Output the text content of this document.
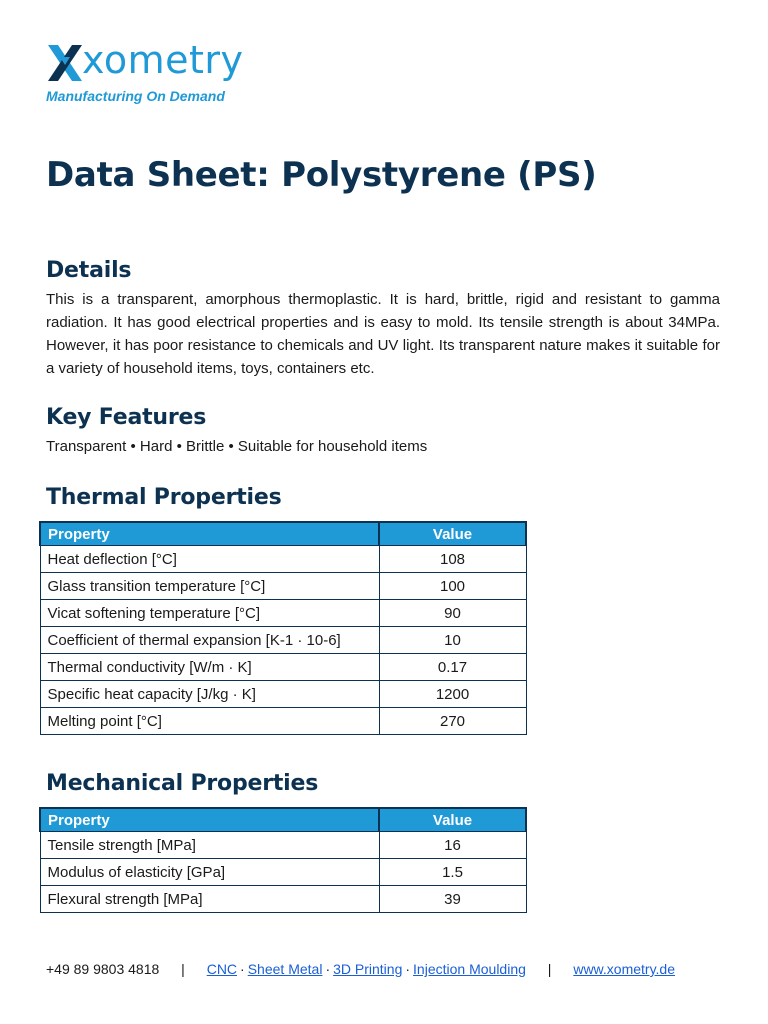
xometry
Manufacturing On Demand
Data Sheet: Polystyrene (PS)
Details

This is a transparent, amorphous thermoplastic. It is hard, brittle, rigid and resistant to gamma radiation. It has good electrical properties and is easy to mold. Its tensile strength is about 34MPa. However, it has poor resistance to chemicals and UV light. Its transparent nature makes it suitable for a variety of household items, toys, containers etc.

Key Features
Transparent • Hard • Brittle • Suitable for household items
Thermal Properties
Property	Value
Heat deflection [°C]	108
Glass transition temperature [°C]	100
Vicat softening temperature [°C]	90
Coefficient of thermal expansion [K-1 · 10-6]	10
Thermal conductivity [W/m · K]	0.17
Specific heat capacity [J/kg · K]	1200
Melting point [°C]	270
Mechanical Properties
Property	Value
Tensile strength [MPa]	16
Modulus of elasticity [GPa]	1.5
Flexural strength [MPa]	39
+49 89 9803 4818 | CNC · Sheet Metal · 3D Printing · Injection Moulding | www.xometry.de
